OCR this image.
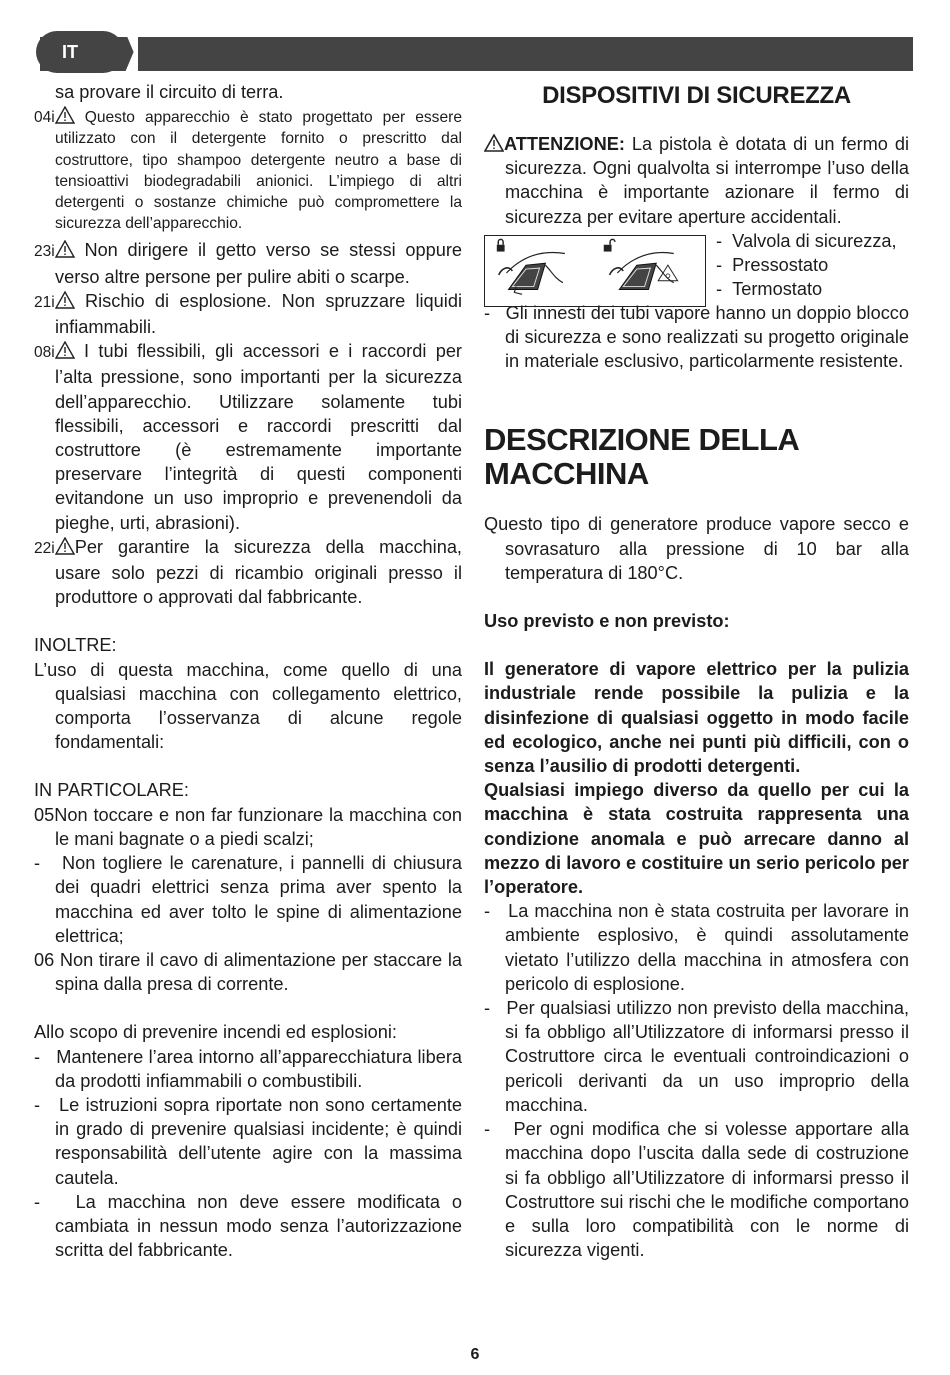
IT

sa provare il circuito di terra.

04i Questo apparecchio è stato progettato per essere utilizzato con il detergente fornito o prescritto dal costruttore, tipo shampoo detergente neutro a base di tensioattivi biodegradabili anionici. L’impiego di altri detergenti o sostanze chimiche può compromettere la sicurezza dell’apparecchio.

23i Non dirigere il getto verso se stessi oppure verso altre persone per pulire abiti o scarpe.

21i Rischio di esplosione. Non spruzzare liquidi infiammabili.

08i I tubi flessibili, gli accessori e i raccordi per l’alta pressione, sono importanti per la sicurezza dell’apparecchio. Utilizzare solamente tubi flessibili, accessori e raccordi prescritti dal costruttore (è estremamente importante preservare l’integrità di questi componenti evitandone un uso improprio e prevenendoli da pieghe, urti, abrasioni).

22i Per garantire la sicurezza della macchina, usare solo pezzi di ricambio originali presso il produttore o approvati dal fabbricante.

INOLTRE:

L’uso di questa macchina, come quello di una qualsiasi macchina con collegamento elettrico, comporta l’osservanza di alcune regole fondamentali:

IN PARTICOLARE:

05Non toccare e non far funzionare la macchina con le mani bagnate o a piedi scalzi;

-   Non togliere le carenature, i pannelli di chiusura dei quadri elettrici senza prima aver spento la macchina ed aver tolto le spine di alimentazione elettrica;

06 Non tirare il cavo di alimentazione per staccare la spina dalla presa di corrente.

Allo scopo di prevenire incendi ed esplosioni:

-   Mantenere l’area intorno all’apparecchiatura libera da prodotti infiammabili o combustibili.

-   Le istruzioni sopra riportate non sono certamente in grado di prevenire qualsiasi incidente; è quindi responsabilità dell’utente agire con la massima cautela.

-   La macchina non deve essere modificata o cambiata in nessun modo senza l’autorizzazione scritta del fabbricante.

DISPOSITIVI DI SICUREZZA

ATTENZIONE: La pistola è dotata di un fermo di sicurezza. Ogni qualvolta si interrompe l’uso della macchina è importante azionare il fermo di sicurezza per evitare aperture accidentali.

-  Valvola di sicurezza,

-  Pressostato

-  Termostato

-   Gli innesti dei tubi vapore hanno un doppio blocco di sicurezza e sono realizzati su progetto originale in materiale esclusivo, particolarmente resistente.

DESCRIZIONE DELLA
MACCHINA

Questo tipo di generatore produce vapore secco e sovrasaturo alla pressione di 10 bar alla temperatura di 180°C.

Uso previsto e non previsto:

Il generatore di vapore elettrico per la pulizia industriale rende possibile la pulizia e la disinfezione di qualsiasi oggetto in modo facile ed ecologico, anche nei punti più difficili, con o senza l’ausilio di prodotti detergenti.

Qualsiasi impiego diverso da quello per cui la macchina è stata costruita rappresenta una condizione anomala e può arrecare danno al mezzo di lavoro e costituire un serio pericolo per l’operatore.

-   La macchina non è stata costruita per lavorare in ambiente esplosivo, è quindi assolutamente vietato l’utilizzo della macchina in atmosfera con pericolo di esplosione.

-   Per qualsiasi utilizzo non previsto della macchina, si fa obbligo all’Utilizzatore di informarsi presso il Costruttore circa le eventuali controindicazioni o pericoli derivanti da un uso improprio della macchina.

-   Per ogni modifica che si volesse apportare alla macchina dopo l’uscita dalla sede di costruzione si fa obbligo all’Utilizzatore di informarsi presso il Costruttore sui rischi che le modifiche comportano e sulla loro compatibilità con le norme di sicurezza vigenti.

6
